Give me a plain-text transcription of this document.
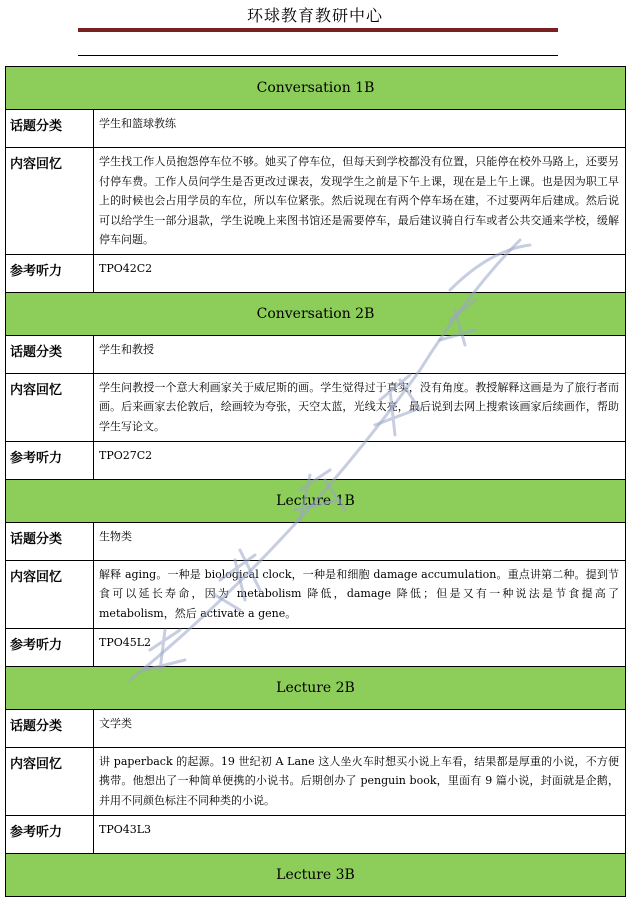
环球教育教研中心
Conversation 1B	
话题分类	学生和篮球教练
内容回忆	学生找工作人员抱怨停车位不够。她买了停车位，但每天到学校都没有位置，只能停在校外马路上，还要另付停车费。工作人员问学生是否更改过课表，发现学生之前是下午上课，现在是上午上课。也是因为职工早上的时候也会占用学员的车位，所以车位紧张。然后说现在有两个停车场在建，不过要两年后建成。然后说可以给学生一部分退款，学生说晚上来图书馆还是需要停车，最后建议骑自行车或者公共交通来学校，缓解停车问题。
参考听力	TPO42C2
Conversation 2B	
话题分类	学生和教授
内容回忆	学生问教授一个意大利画家关于威尼斯的画。学生觉得过于真实，没有角度。教授解释这画是为了旅行者而画。后来画家去伦敦后，绘画较为夸张，天空太蓝，光线太亮，最后说到去网上搜索该画家后续画作，帮助学生写论文。
参考听力	TPO27C2
Lecture 1B	
话题分类	生物类
内容回忆	解释 aging。一种是 biological clock，一种是和细胞 damage accumulation。重点讲第二种。提到节食可以延长寿命，因为 metabolism 降低，damage 降低；但是又有一种说法是节食提高了 metabolism，然后 activate a gene。
参考听力	TPO45L2
Lecture 2B	
话题分类	文学类
内容回忆	讲 paperback 的起源。19 世纪初 A Lane 这人坐火车时想买小说上车看，结果都是厚重的小说，不方便携带。他想出了一种简单便携的小说书。后期创办了 penguin book，里面有 9 篇小说，封面就是企鹅，并用不同颜色标注不同种类的小说。
参考听力	TPO43L3
Lecture 3B	
